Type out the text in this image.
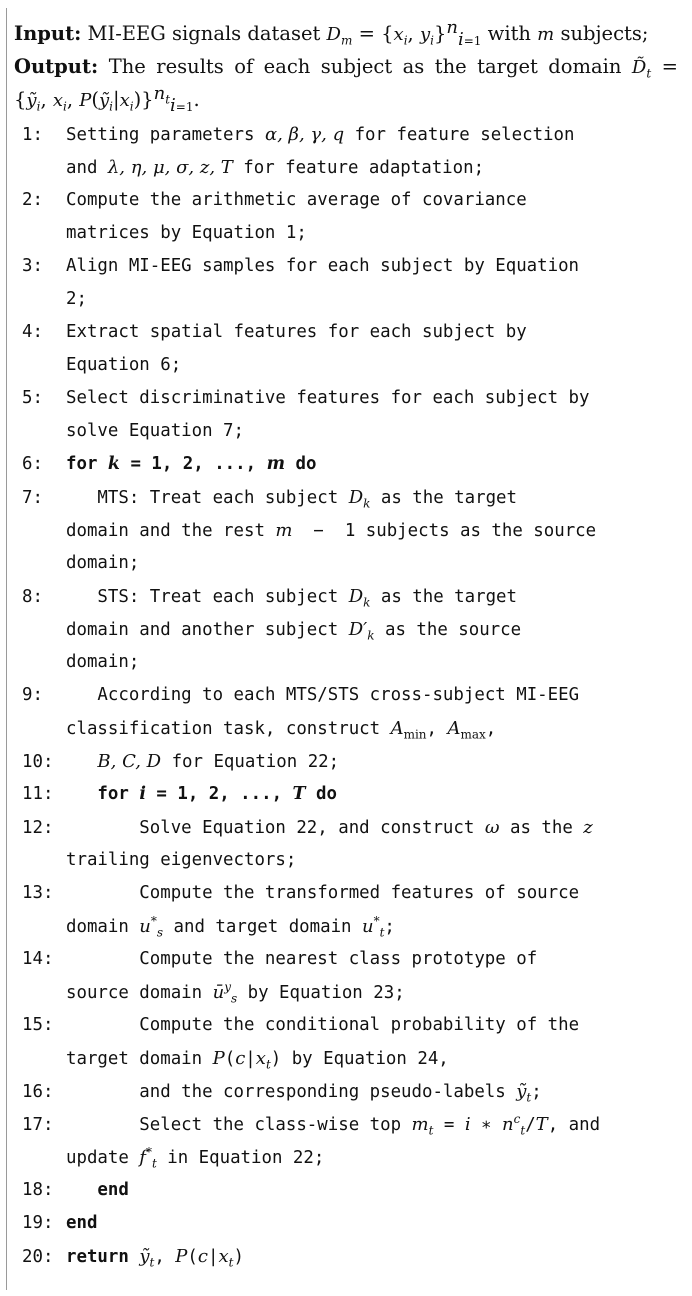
Input: MI-EEG signals dataset $D_m = \{x_i$, $y_i\}^n_{i=1}$ with m subjects;
Output: The results of each subject as the target domain $D̃_t$ =
{ỹ$_i$, $x_i$, $P(ỹ_i|x_i)\}^{n_t}_{i=1}$.
1: Setting parameters α, β, γ, q for feature selection
and λ, η, μ, σ, z, T for feature adaptation;
2: Compute the arithmetic average of covariance
matrices by Equation 1;
3: Align MI-EEG samples for each subject by Equation
2;
4: Extract spatial features for each subject by
Equation 6;
5: Select discriminative features for each subject by
solve Equation 7;
6: for k = 1, 2, ..., m do
7:   MTS: Treat each subject $D_k$ as the target
domain and the rest m  −  1 subjects as the source
domain;
8:   STS: Treat each subject $D_k$ as the target
domain and another subject $D'_k$ as the source
domain;
9:	According to each MTS/STS cross-subject MI-EEG
classification task, construct $A_{min}$, $A_{max}$,
10: B, C, D for Equation 22;
11:	for i = 1, 2, ..., T do
12:       Solve Equation 22, and construct ω as the z
trailing eigenvectors;
13:	Compute the transformed features of source
domain $u^*_s$ and target domain $u^*_t$;
14:	Compute the nearest class prototype of
source domain $ū^y_s$ by Equation 23;
15:	Compute the conditional probability of the
target domain $P(c|x_t)$ by Equation 24,
16:       and the corresponding pseudo-labels ỹ$_t$;
17:       Select the class-wise top $m_t = i$ ∗ $n^c_t/T$, and
update $f^*_t$ in Equation 22;
18:	end
19: end
20: return ỹ$_t$, $P(c|x_t)$
